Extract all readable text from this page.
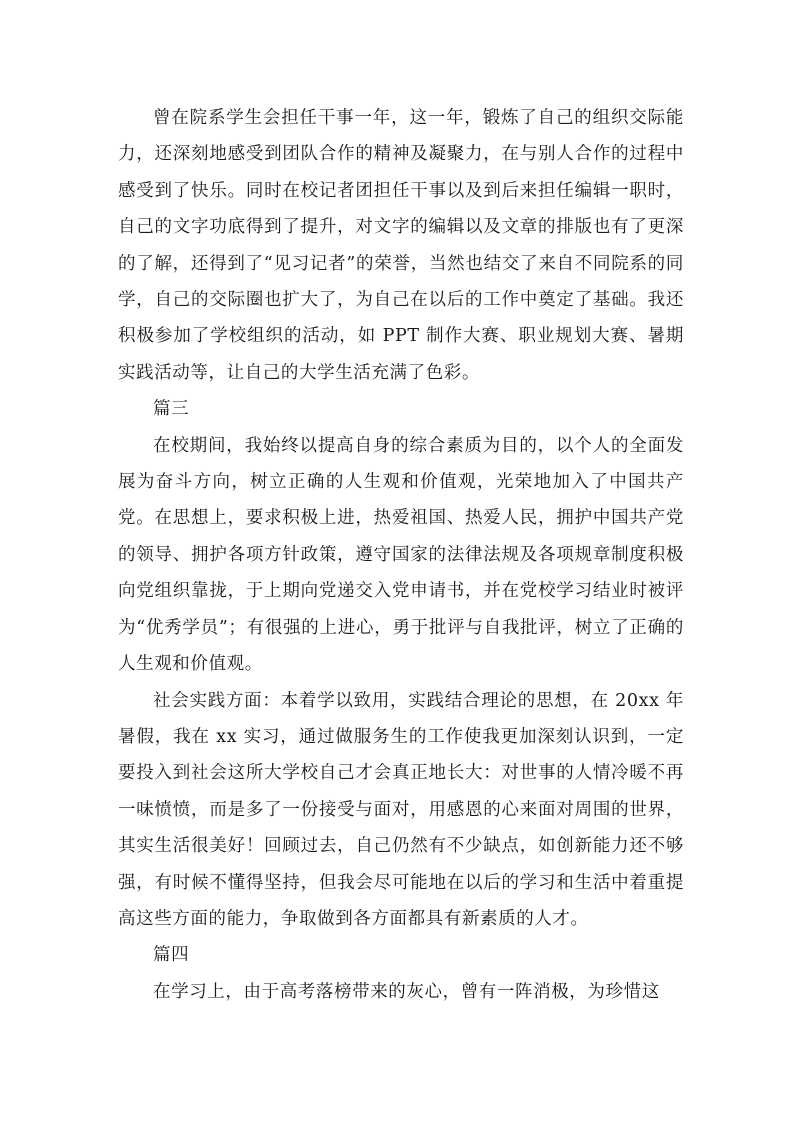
曾在院系学生会担任干事一年，这一年，锻炼了自己的组织交际能力，还深刻地感受到团队合作的精神及凝聚力，在与别人合作的过程中感受到了快乐。同时在校记者团担任干事以及到后来担任编辑一职时，自己的文字功底得到了提升，对文字的编辑以及文章的排版也有了更深的了解，还得到了“见习记者”的荣誉，当然也结交了来自不同院系的同学，自己的交际圈也扩大了，为自己在以后的工作中奠定了基础。我还积极参加了学校组织的活动，如 PPT 制作大赛、职业规划大赛、暑期实践活动等，让自己的大学生活充满了色彩。

篇三

在校期间，我始终以提高自身的综合素质为目的，以个人的全面发展为奋斗方向，树立正确的人生观和价值观，光荣地加入了中国共产党。在思想上，要求积极上进，热爱祖国、热爱人民，拥护中国共产党的领导、拥护各项方针政策，遵守国家的法律法规及各项规章制度积极向党组织靠拢，于上期向党递交入党申请书，并在党校学习结业时被评为“优秀学员”；有很强的上进心，勇于批评与自我批评，树立了正确的人生观和价值观。

社会实践方面：本着学以致用，实践结合理论的思想，在 20xx 年暑假，我在 xx 实习，通过做服务生的工作使我更加深刻认识到，一定要投入到社会这所大学校自己才会真正地长大：对世事的人情冷暖不再一味愤愤，而是多了一份接受与面对，用感恩的心来面对周围的世界，其实生活很美好！回顾过去，自己仍然有不少缺点，如创新能力还不够强，有时候不懂得坚持，但我会尽可能地在以后的学习和生活中着重提高这些方面的能力，争取做到各方面都具有新素质的人才。

篇四

在学习上，由于高考落榜带来的灰心，曾有一阵消极，为珍惜这
